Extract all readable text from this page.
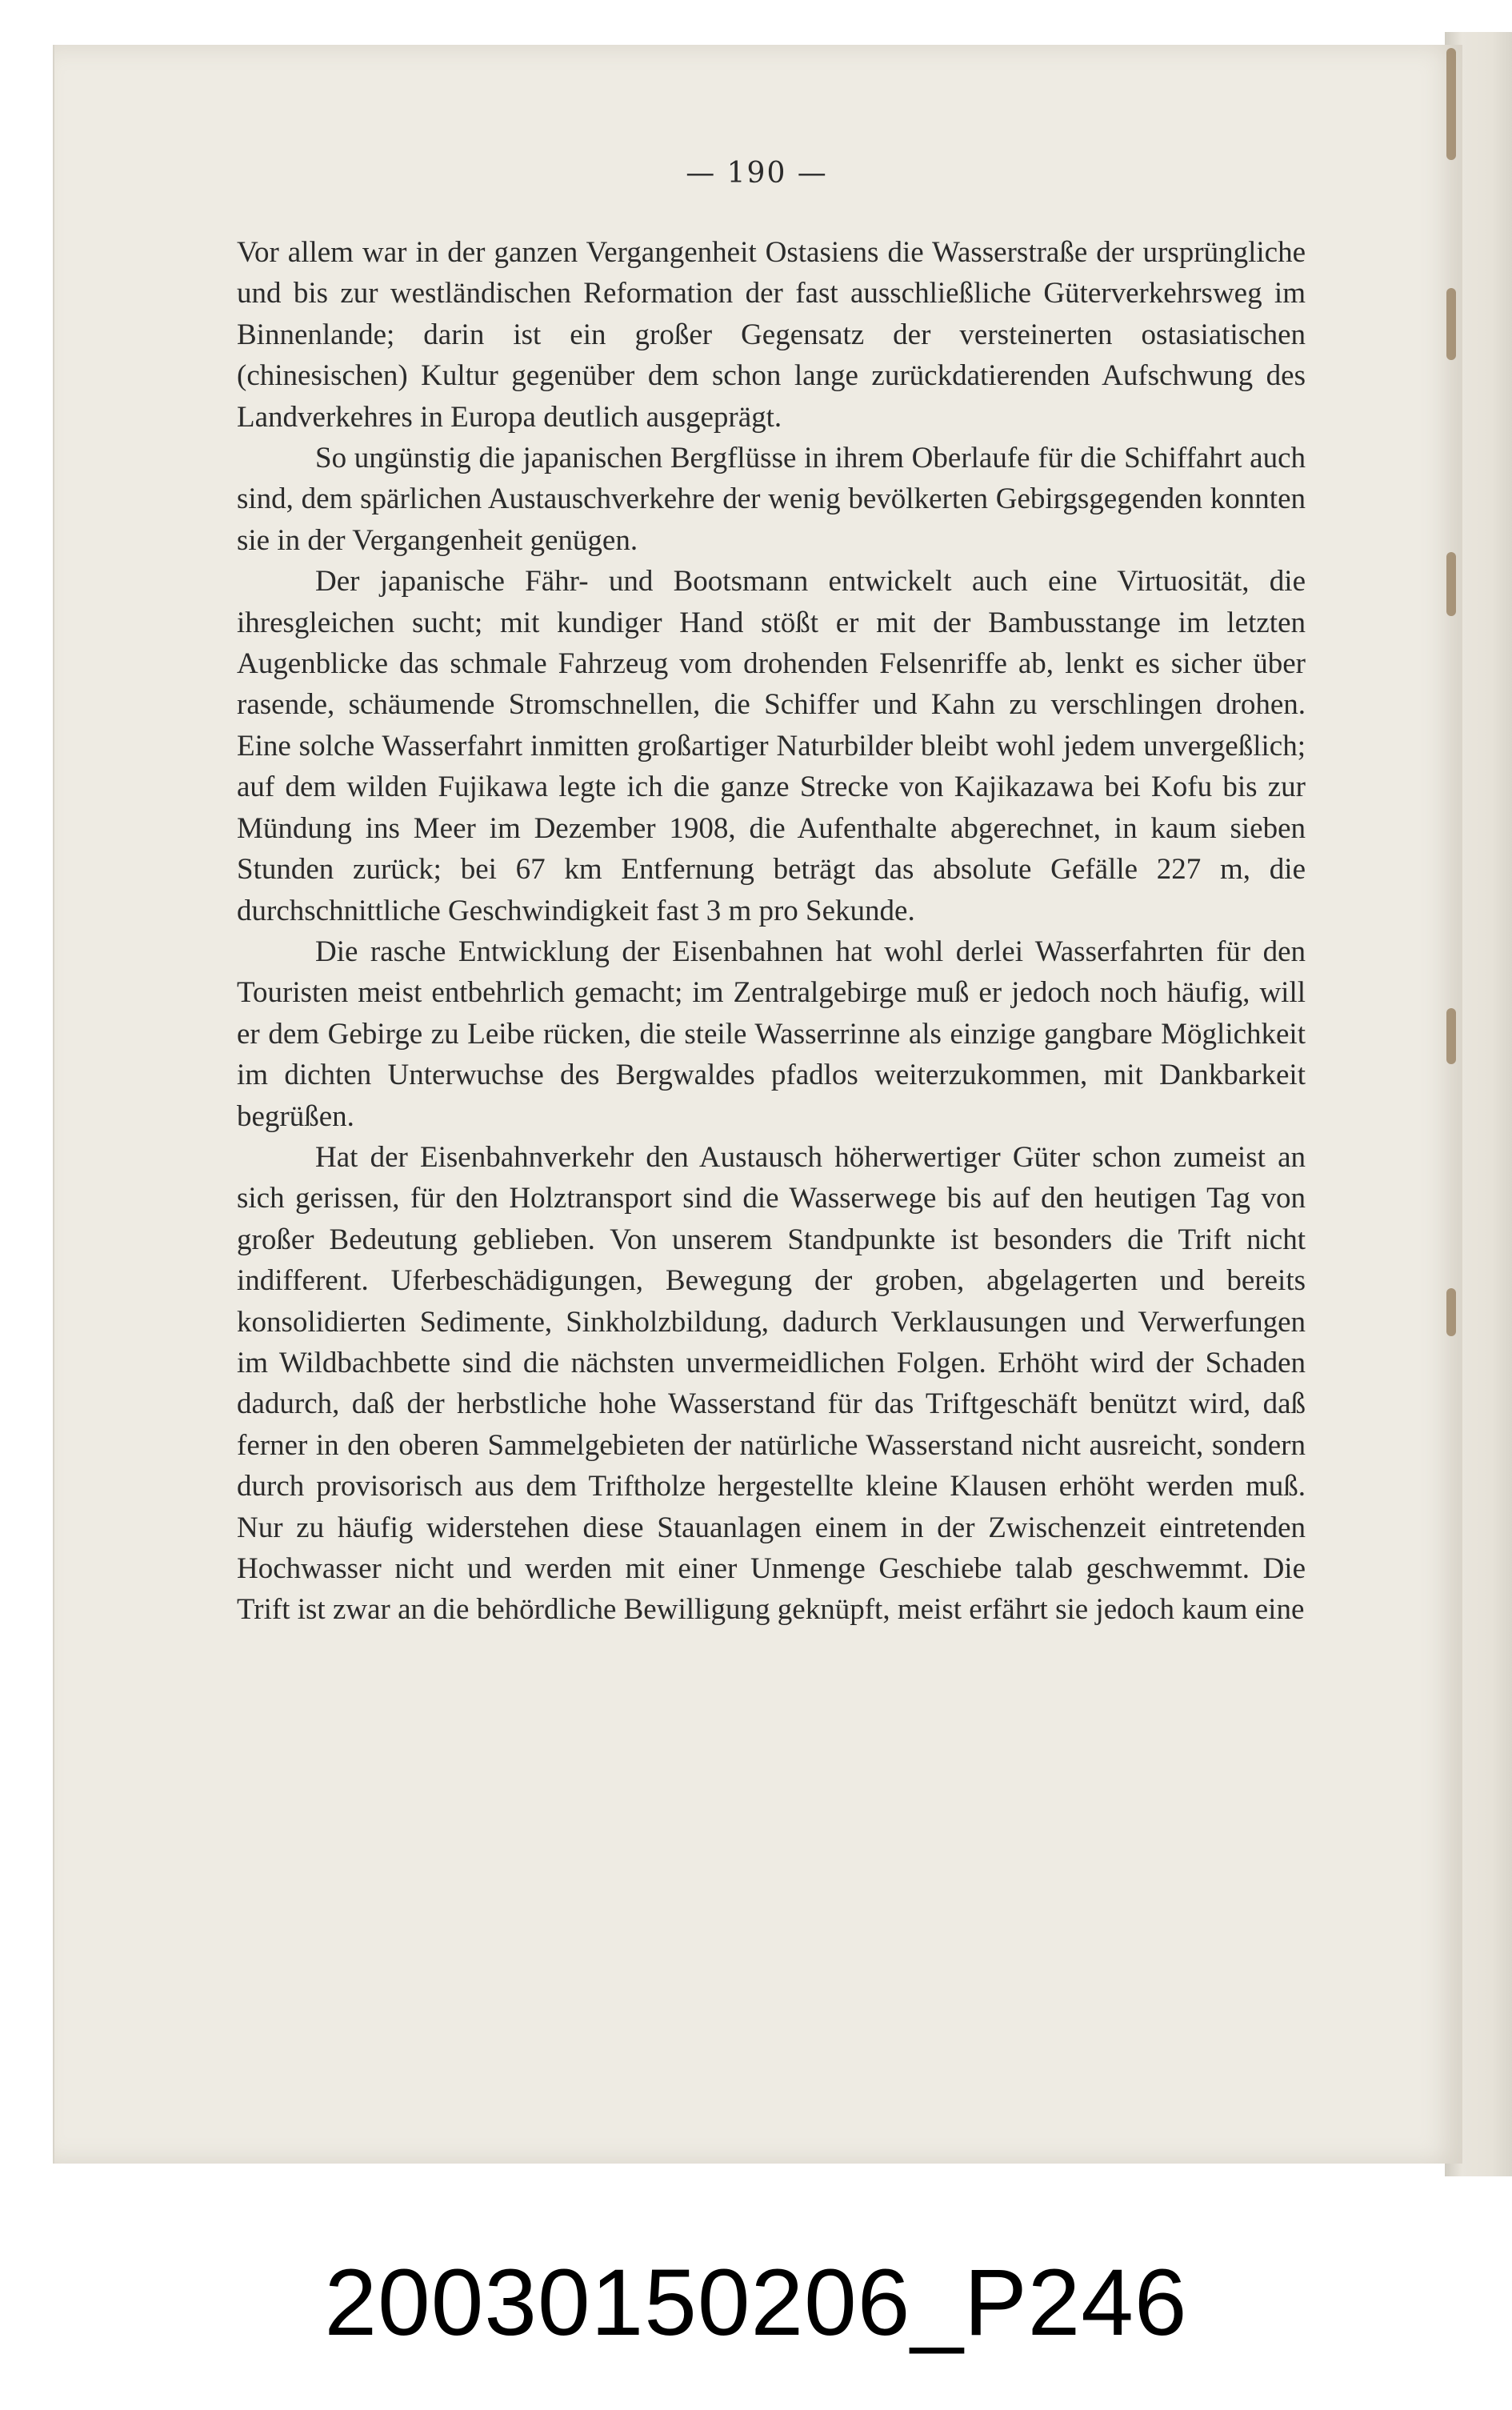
— 190 —

Vor allem war in der ganzen Vergangenheit Ostasiens die Wasserstraße der ursprüngliche und bis zur westländischen Reformation der fast ausschließliche Güterverkehrsweg im Binnenlande; darin ist ein großer Gegensatz der versteinerten ostasiatischen (chinesischen) Kultur gegenüber dem schon lange zurückdatierenden Aufschwung des Landverkehres in Europa deutlich ausgeprägt.

So ungünstig die japanischen Bergflüsse in ihrem Oberlaufe für die Schiffahrt auch sind, dem spärlichen Austauschverkehre der wenig bevölkerten Gebirgsgegenden konnten sie in der Vergangenheit genügen.

Der japanische Fähr- und Bootsmann entwickelt auch eine Virtuosität, die ihresgleichen sucht; mit kundiger Hand stößt er mit der Bambusstange im letzten Augenblicke das schmale Fahrzeug vom drohenden Felsenriffe ab, lenkt es sicher über rasende, schäumende Stromschnellen, die Schiffer und Kahn zu verschlingen drohen. Eine solche Wasserfahrt inmitten großartiger Naturbilder bleibt wohl jedem unvergeßlich; auf dem wilden Fujikawa legte ich die ganze Strecke von Kajikazawa bei Kofu bis zur Mündung ins Meer im Dezember 1908, die Aufenthalte abgerechnet, in kaum sieben Stunden zurück; bei 67 km Entfernung beträgt das absolute Gefälle 227 m, die durchschnittliche Geschwindigkeit fast 3 m pro Sekunde.

Die rasche Entwicklung der Eisenbahnen hat wohl derlei Wasserfahrten für den Touristen meist entbehrlich gemacht; im Zentralgebirge muß er jedoch noch häufig, will er dem Gebirge zu Leibe rücken, die steile Wasserrinne als einzige gangbare Möglichkeit im dichten Unterwuchse des Bergwaldes pfadlos weiterzukommen, mit Dankbarkeit begrüßen.

Hat der Eisenbahnverkehr den Austausch höherwertiger Güter schon zumeist an sich gerissen, für den Holztransport sind die Wasserwege bis auf den heutigen Tag von großer Bedeutung geblieben. Von unserem Standpunkte ist besonders die Trift nicht indifferent. Uferbeschädigungen, Bewegung der groben, abgelagerten und bereits konsolidierten Sedimente, Sinkholzbildung, dadurch Verklausungen und Verwerfungen im Wildbachbette sind die nächsten unvermeidlichen Folgen. Erhöht wird der Schaden dadurch, daß der herbstliche hohe Wasserstand für das Triftgeschäft benützt wird, daß ferner in den oberen Sammelgebieten der natürliche Wasserstand nicht ausreicht, sondern durch provisorisch aus dem Triftholze hergestellte kleine Klausen erhöht werden muß. Nur zu häufig widerstehen diese Stauanlagen einem in der Zwischenzeit eintretenden Hochwasser nicht und werden mit einer Unmenge Geschiebe talab geschwemmt. Die Trift ist zwar an die behördliche Bewilligung geknüpft, meist erfährt sie jedoch kaum eine

20030150206_P246
